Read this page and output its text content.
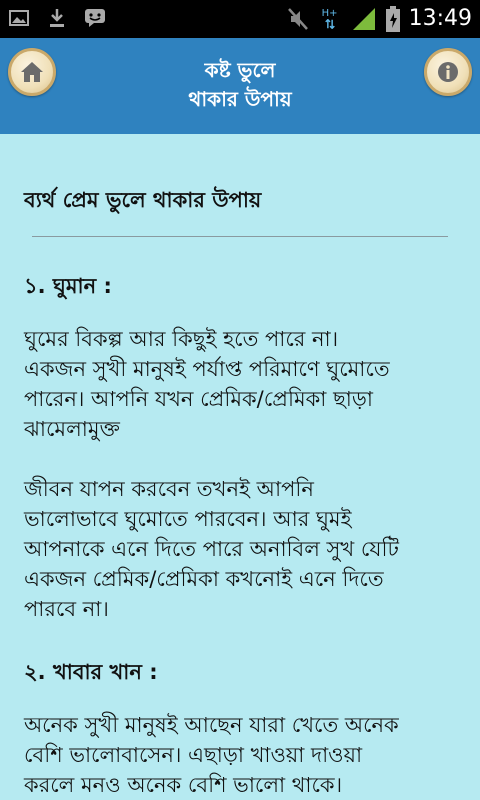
H+	13:49
কষ্ট ভুলে
থাকার উপায়
ব্যর্থ প্রেম ভুলে থাকার উপায়
১. ঘুমান :
ঘুমের বিকল্প আর কিছুই হতে পারে না।
একজন সুখী মানুষই পর্যাপ্ত পরিমাণে ঘুমোতে
পারেন। আপনি যখন প্রেমিক/প্রেমিকা ছাড়া
ঝামেলামুক্ত
জীবন যাপন করবেন তখনই আপনি
ভালোভাবে ঘুমোতে পারবেন। আর ঘুমই
আপনাকে এনে দিতে পারে অনাবিল সুখ যেটি
একজন প্রেমিক/প্রেমিকা কখনোই এনে দিতে
পারবে না।
২. খাবার খান :
অনেক সুখী মানুষই আছেন যারা খেতে অনেক
বেশি ভালোবাসেন। এছাড়া খাওয়া দাওয়া
করলে মনও অনেক বেশি ভালো থাকে।
